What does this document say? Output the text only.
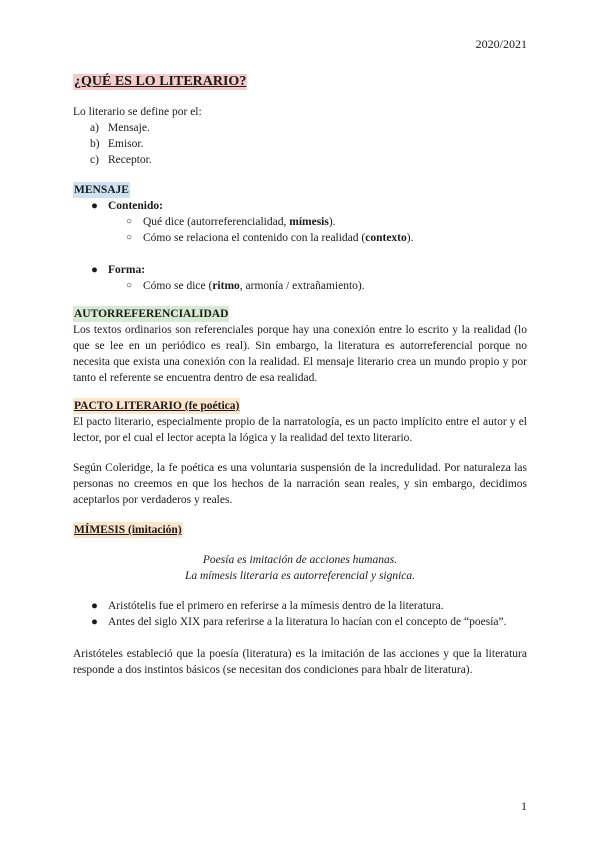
2020/2021
¿QUÉ ES LO LITERARIO?

Lo literario se define por el:

a) Mensaje.
b) Emisor.
c) Receptor.
MENSAJE
● Contenido:
○ Qué dice (autorreferencialidad, mímesis).
○ Cómo se relaciona el contenido con la realidad (contexto).
● Forma:
○ Cómo se dice (ritmo, armonía / extrañamiento).
AUTORREFERENCIALIDAD

Los textos ordinarios son referenciales porque hay una conexión entre lo escrito y la realidad (lo que se lee en un periódico es real). Sin embargo, la literatura es autorreferencial porque no necesita que exista una conexión con la realidad. El mensaje literario crea un mundo propio y por tanto el referente se encuentra dentro de esa realidad.

PACTO LITERARIO (fe poética)

El pacto literario, especialmente propio de la narratología, es un pacto implícito entre el autor y el lector, por el cual el lector acepta la lógica y la realidad del texto literario.

Según Coleridge, la fe poética es una voluntaria suspensión de la incredulidad. Por naturaleza las personas no creemos en que los hechos de la narración sean reales, y sin embargo, decidimos aceptarlos por verdaderos y reales.

MÍMESIS (imitación)

Poesía es imitación de acciones humanas.

La mímesis literaria es autorreferencial y signica.

● Aristótelis fue el primero en referirse a la mímesis dentro de la literatura.
● Antes del siglo XIX para referirse a la literatura lo hacían con el concepto de “poesía”.

Aristóteles estableció que la poesía (literatura) es la imitación de las acciones y que la literatura responde a dos instintos básicos (se necesitan dos condiciones para hbalr de literatura).

1
